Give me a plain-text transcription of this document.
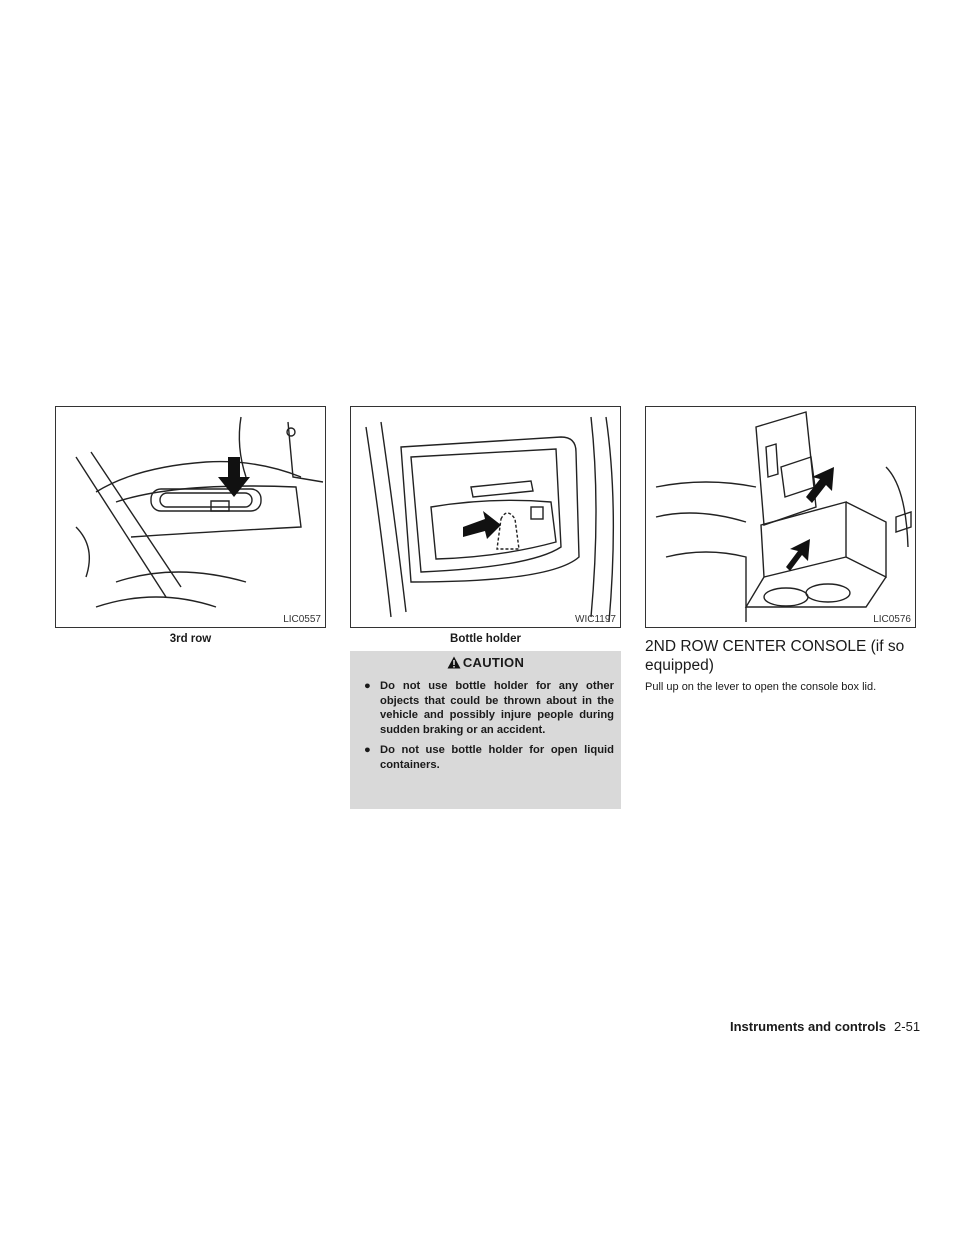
LIC0557
3rd row
WIC1197
Bottle holder
LIC0576
CAUTION
● Do not use bottle holder for any other objects that could be thrown about in the vehicle and possibly injure people during sudden braking or an accident.
● Do not use bottle holder for open liquid containers.
2ND ROW CENTER CONSOLE (if so equipped)

Pull up on the lever to open the console box lid.

Instruments and controls 2-51
